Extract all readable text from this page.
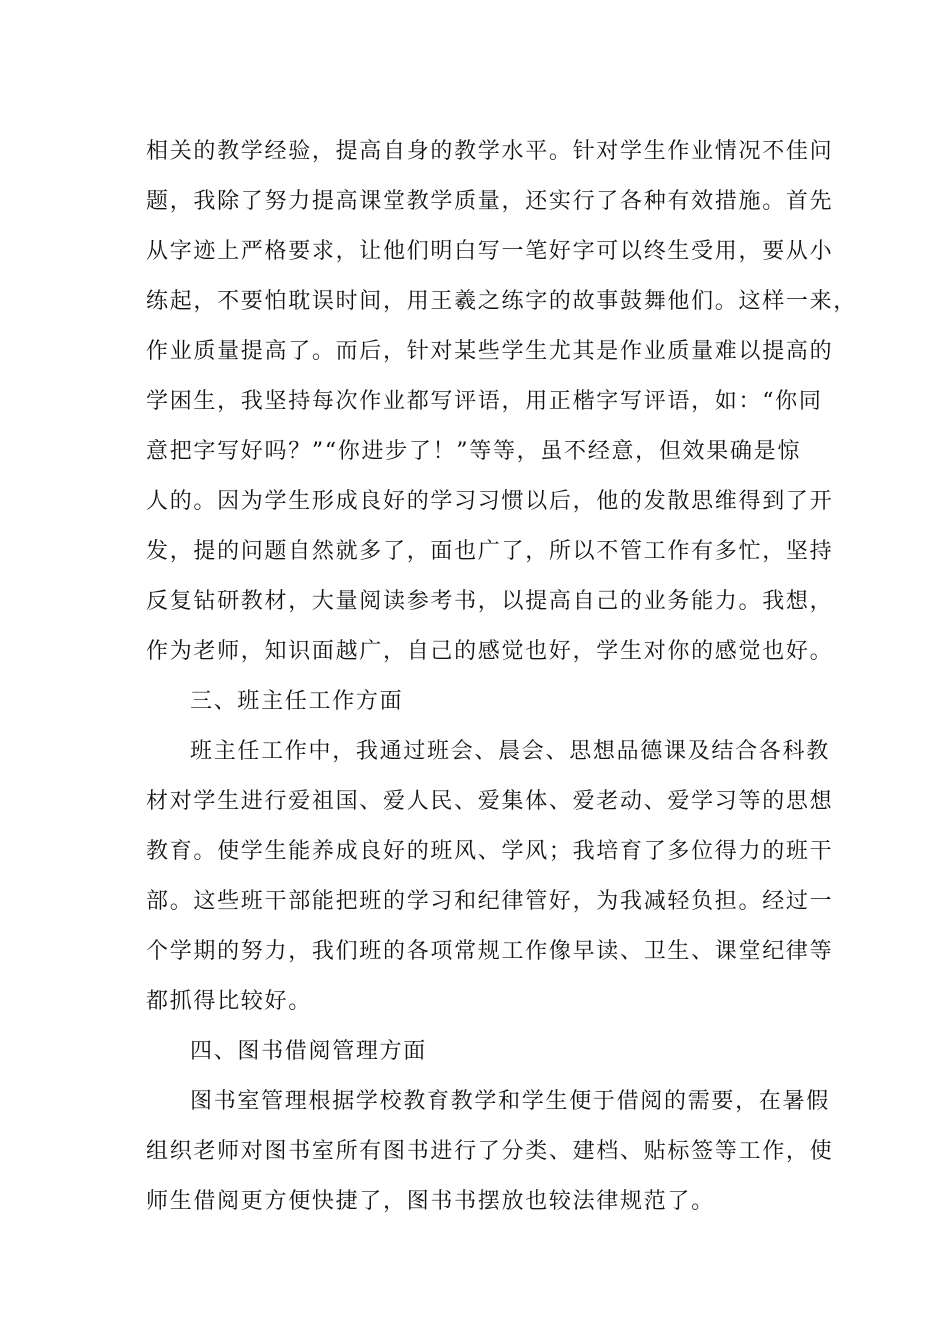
相关的教学经验，提高自身的教学水平。针对学生作业情况不佳问
题，我除了努力提高课堂教学质量，还实行了各种有效措施。首先
从字迹上严格要求，让他们明白写一笔好字可以终生受用，要从小
练起，不要怕耽误时间，用王羲之练字的故事鼓舞他们。这样一来，
作业质量提高了。而后，针对某些学生尤其是作业质量难以提高的
学困生，我坚持每次作业都写评语，用正楷字写评语，如：“你同
意把字写好吗？”“你进步了！”等等，虽不经意，但效果确是惊
人的。因为学生形成良好的学习习惯以后，他的发散思维得到了开
发，提的问题自然就多了，面也广了，所以不管工作有多忙，坚持
反复钻研教材，大量阅读参考书，以提高自己的业务能力。我想，
作为老师，知识面越广，自己的感觉也好，学生对你的感觉也好。
三、班主任工作方面
班主任工作中，我通过班会、晨会、思想品德课及结合各科教
材对学生进行爱祖国、爱人民、爱集体、爱老动、爱学习等的思想
教育。使学生能养成良好的班风、学风；我培育了多位得力的班干
部。这些班干部能把班的学习和纪律管好，为我减轻负担。经过一
个学期的努力，我们班的各项常规工作像早读、卫生、课堂纪律等
都抓得比较好。
四、图书借阅管理方面
图书室管理根据学校教育教学和学生便于借阅的需要，在暑假
组织老师对图书室所有图书进行了分类、建档、贴标签等工作，使
师生借阅更方便快捷了，图书书摆放也较法律规范了。
